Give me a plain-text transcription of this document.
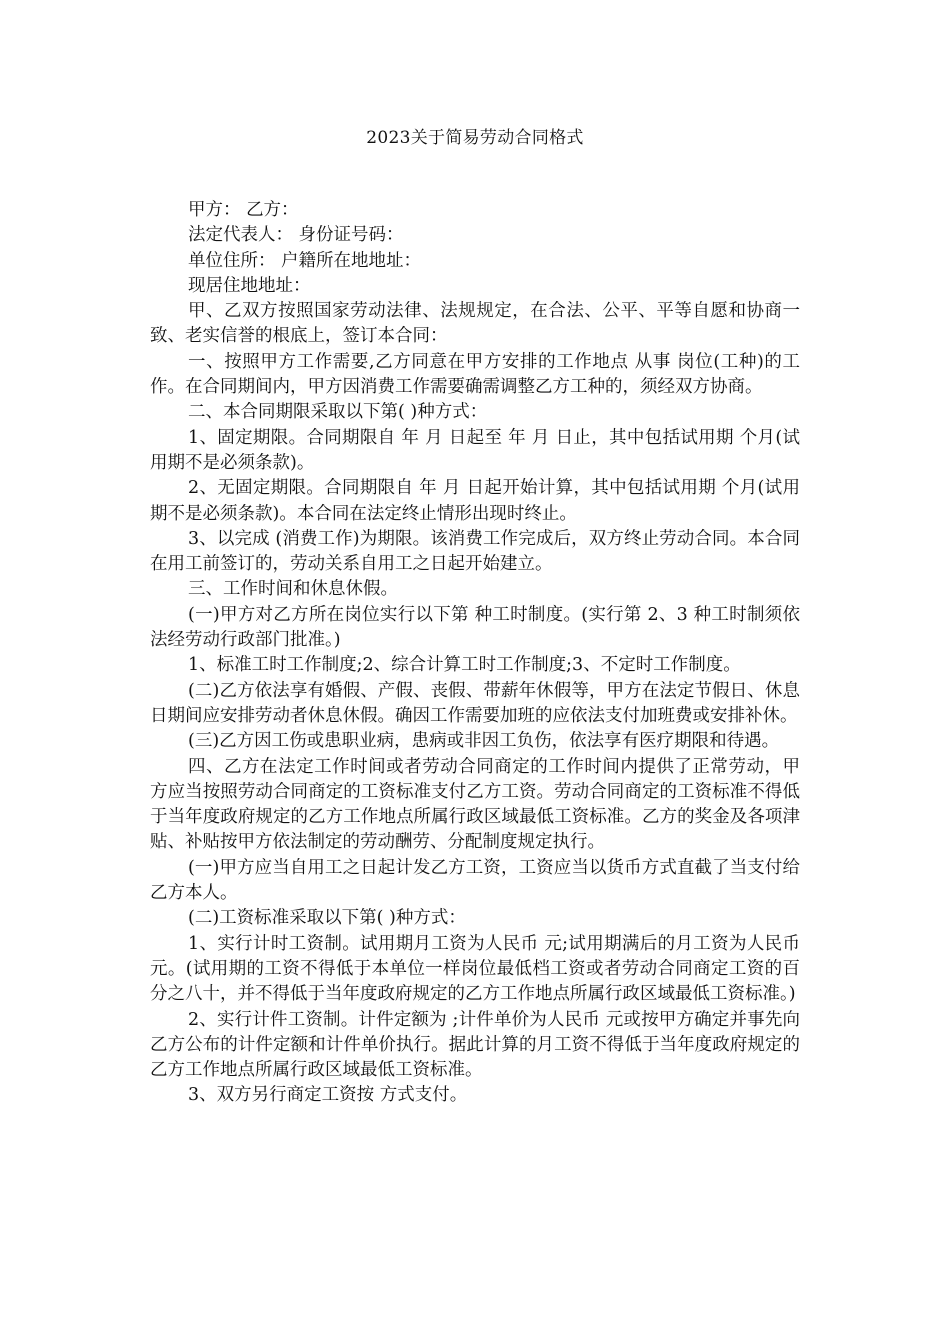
2023关于简易劳动合同格式

甲方： 乙方：

法定代表人： 身份证号码：

单位住所： 户籍所在地地址：

现居住地地址：

甲、乙双方按照国家劳动法律、法规规定，在合法、公平、平等自愿和协商一致、老实信誉的根底上，签订本合同：

一、按照甲方工作需要,乙方同意在甲方安排的工作地点 从事 岗位(工种)的工作。在合同期间内，甲方因消费工作需要确需调整乙方工种的，须经双方协商。

二、本合同期限采取以下第( )种方式：

1、固定期限。合同期限自 年 月 日起至 年 月 日止，其中包括试用期 个月(试用期不是必须条款)。

2、无固定期限。合同期限自 年 月 日起开始计算，其中包括试用期 个月(试用期不是必须条款)。本合同在法定终止情形出现时终止。

3、以完成 (消费工作)为期限。该消费工作完成后，双方终止劳动合同。本合同在用工前签订的，劳动关系自用工之日起开始建立。

三、工作时间和休息休假。

(一)甲方对乙方所在岗位实行以下第 种工时制度。(实行第 2、3 种工时制须依法经劳动行政部门批准。)

1、标准工时工作制度;2、综合计算工时工作制度;3、不定时工作制度。

(二)乙方依法享有婚假、产假、丧假、带薪年休假等，甲方在法定节假日、休息日期间应安排劳动者休息休假。确因工作需要加班的应依法支付加班费或安排补休。

(三)乙方因工伤或患职业病，患病或非因工负伤，依法享有医疗期限和待遇。

四、乙方在法定工作时间或者劳动合同商定的工作时间内提供了正常劳动，甲方应当按照劳动合同商定的工资标准支付乙方工资。劳动合同商定的工资标准不得低于当年度政府规定的乙方工作地点所属行政区域最低工资标准。乙方的奖金及各项津贴、补贴按甲方依法制定的劳动酬劳、分配制度规定执行。

(一)甲方应当自用工之日起计发乙方工资，工资应当以货币方式直截了当支付给乙方本人。

(二)工资标准采取以下第( )种方式：

1、实行计时工资制。试用期月工资为人民币 元;试用期满后的月工资为人民币 元。(试用期的工资不得低于本单位一样岗位最低档工资或者劳动合同商定工资的百分之八十，并不得低于当年度政府规定的乙方工作地点所属行政区域最低工资标准。)

2、实行计件工资制。计件定额为 ;计件单价为人民币 元或按甲方确定并事先向乙方公布的计件定额和计件单价执行。据此计算的月工资不得低于当年度政府规定的乙方工作地点所属行政区域最低工资标准。

3、双方另行商定工资按 方式支付。
